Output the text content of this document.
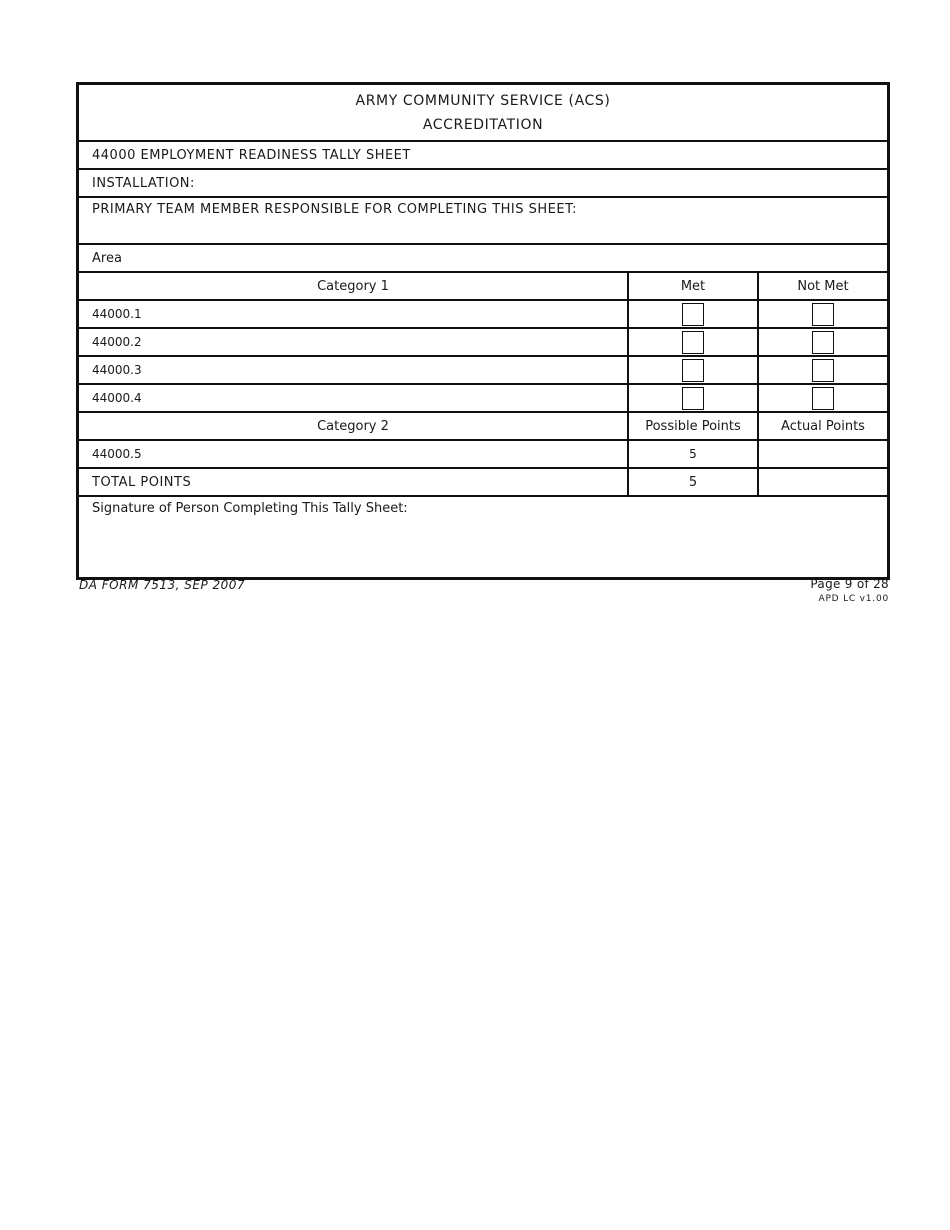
ARMY COMMUNITY SERVICE (ACS)
ACCREDITATION
44000 EMPLOYMENT READINESS TALLY SHEET
INSTALLATION:
PRIMARY TEAM MEMBER RESPONSIBLE FOR COMPLETING THIS SHEET:
Area
Category 1	Met	Not Met
44000.1
44000.2
44000.3
44000.4
Category 2	Possible Points	Actual Points
44000.5	5
TOTAL POINTS	5
Signature of Person Completing This Tally Sheet:
DA FORM 7513, SEP 2007	Page 9 of 28
APD LC v1.00
